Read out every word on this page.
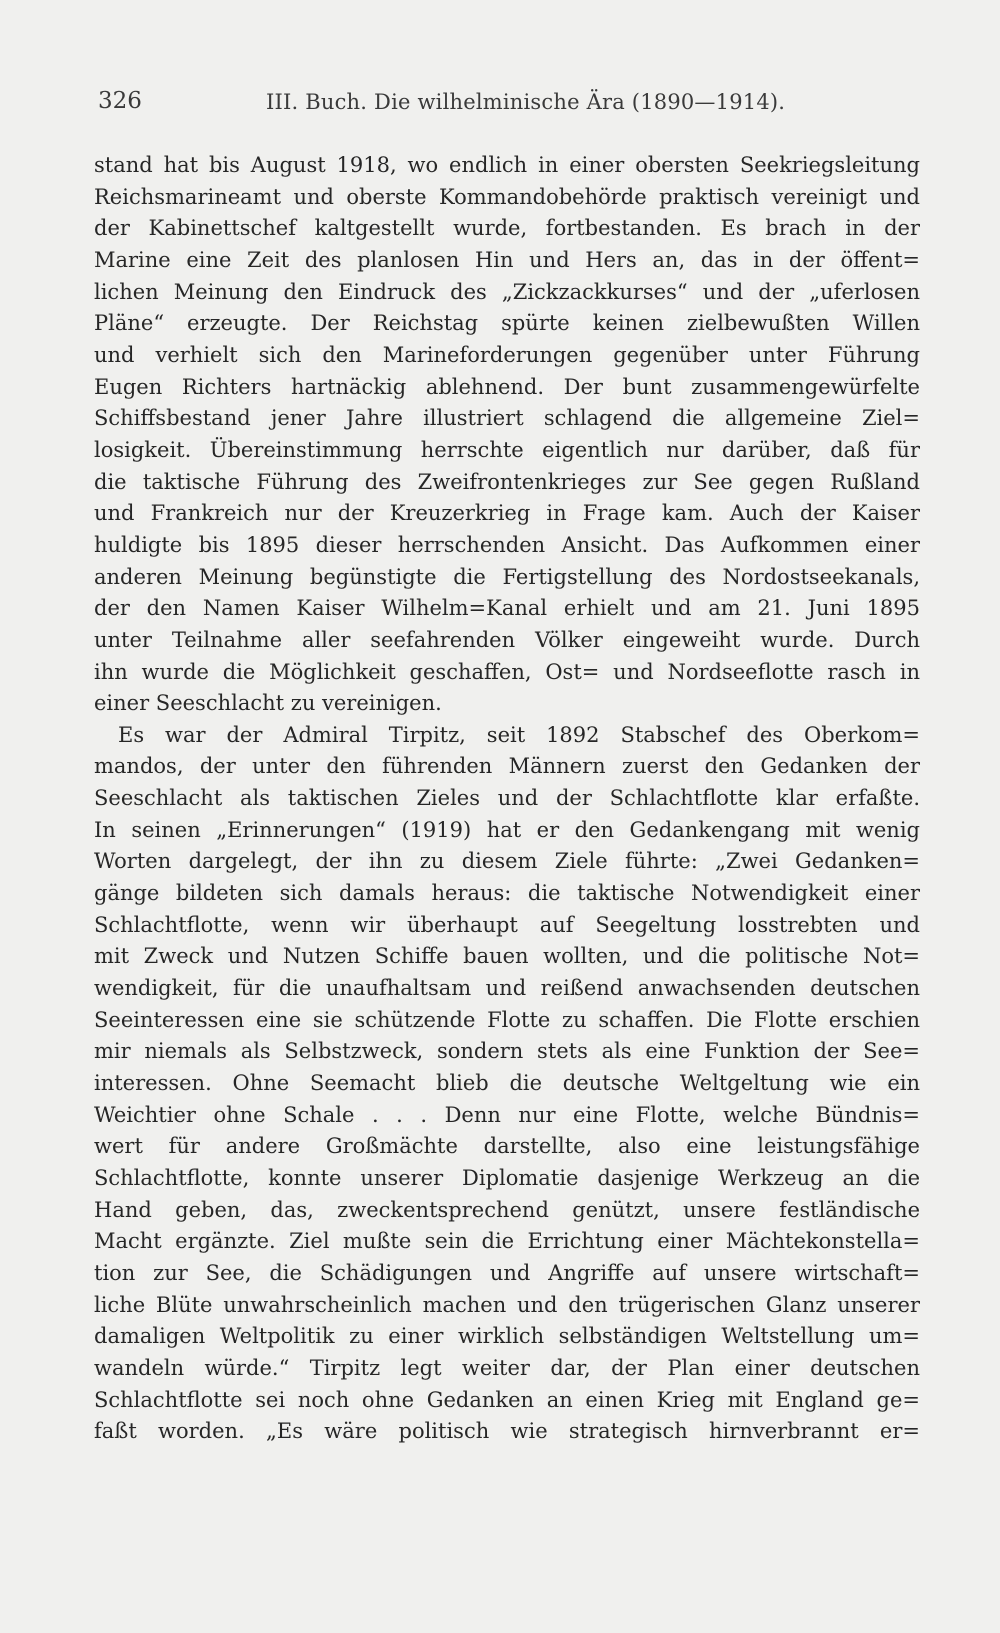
326	III. Buch. Die wilhelminische Ära (1890—1914).
stand hat bis August 1918, wo endlich in einer obersten Seekriegsleitung
Reichsmarineamt und oberste Kommandobehörde praktisch vereinigt und
der Kabinettschef kaltgestellt wurde, fortbestanden. Es brach in der
Marine eine Zeit des planlosen Hin und Hers an, das in der öffent=
lichen Meinung den Eindruck des „Zickzackkurses“ und der „uferlosen
Pläne“ erzeugte. Der Reichstag spürte keinen zielbewußten Willen
und verhielt sich den Marineforderungen gegenüber unter Führung
Eugen Richters hartnäckig ablehnend. Der bunt zusammengewürfelte
Schiffsbestand jener Jahre illustriert schlagend die allgemeine Ziel=
losigkeit. Übereinstimmung herrschte eigentlich nur darüber, daß für
die taktische Führung des Zweifrontenkrieges zur See gegen Rußland
und Frankreich nur der Kreuzerkrieg in Frage kam. Auch der Kaiser
huldigte bis 1895 dieser herrschenden Ansicht. Das Aufkommen einer
anderen Meinung begünstigte die Fertigstellung des Nordostseekanals,
der den Namen Kaiser Wilhelm=Kanal erhielt und am 21. Juni 1895
unter Teilnahme aller seefahrenden Völker eingeweiht wurde. Durch
ihn wurde die Möglichkeit geschaffen, Ost= und Nordseeflotte rasch in
einer Seeschlacht zu vereinigen.
Es war der Admiral Tirpitz, seit 1892 Stabschef des Oberkom=
mandos, der unter den führenden Männern zuerst den Gedanken der
Seeschlacht als taktischen Zieles und der Schlachtflotte klar erfaßte.
In seinen „Erinnerungen“ (1919) hat er den Gedankengang mit wenig
Worten dargelegt, der ihn zu diesem Ziele führte: „Zwei Gedanken=
gänge bildeten sich damals heraus: die taktische Notwendigkeit einer
Schlachtflotte, wenn wir überhaupt auf Seegeltung losstrebten und
mit Zweck und Nutzen Schiffe bauen wollten, und die politische Not=
wendigkeit, für die unaufhaltsam und reißend anwachsenden deutschen
Seeinteressen eine sie schützende Flotte zu schaffen. Die Flotte erschien
mir niemals als Selbstzweck, sondern stets als eine Funktion der See=
interessen. Ohne Seemacht blieb die deutsche Weltgeltung wie ein
Weichtier ohne Schale . . . Denn nur eine Flotte, welche Bündnis=
wert für andere Großmächte darstellte, also eine leistungsfähige
Schlachtflotte, konnte unserer Diplomatie dasjenige Werkzeug an die
Hand geben, das, zweckentsprechend genützt, unsere festländische
Macht ergänzte. Ziel mußte sein die Errichtung einer Mächtekonstella=
tion zur See, die Schädigungen und Angriffe auf unsere wirtschaft=
liche Blüte unwahrscheinlich machen und den trügerischen Glanz unserer
damaligen Weltpolitik zu einer wirklich selbständigen Weltstellung um=
wandeln würde.“ Tirpitz legt weiter dar, der Plan einer deutschen
Schlachtflotte sei noch ohne Gedanken an einen Krieg mit England ge=
faßt worden. „Es wäre politisch wie strategisch hirnverbrannt er=
